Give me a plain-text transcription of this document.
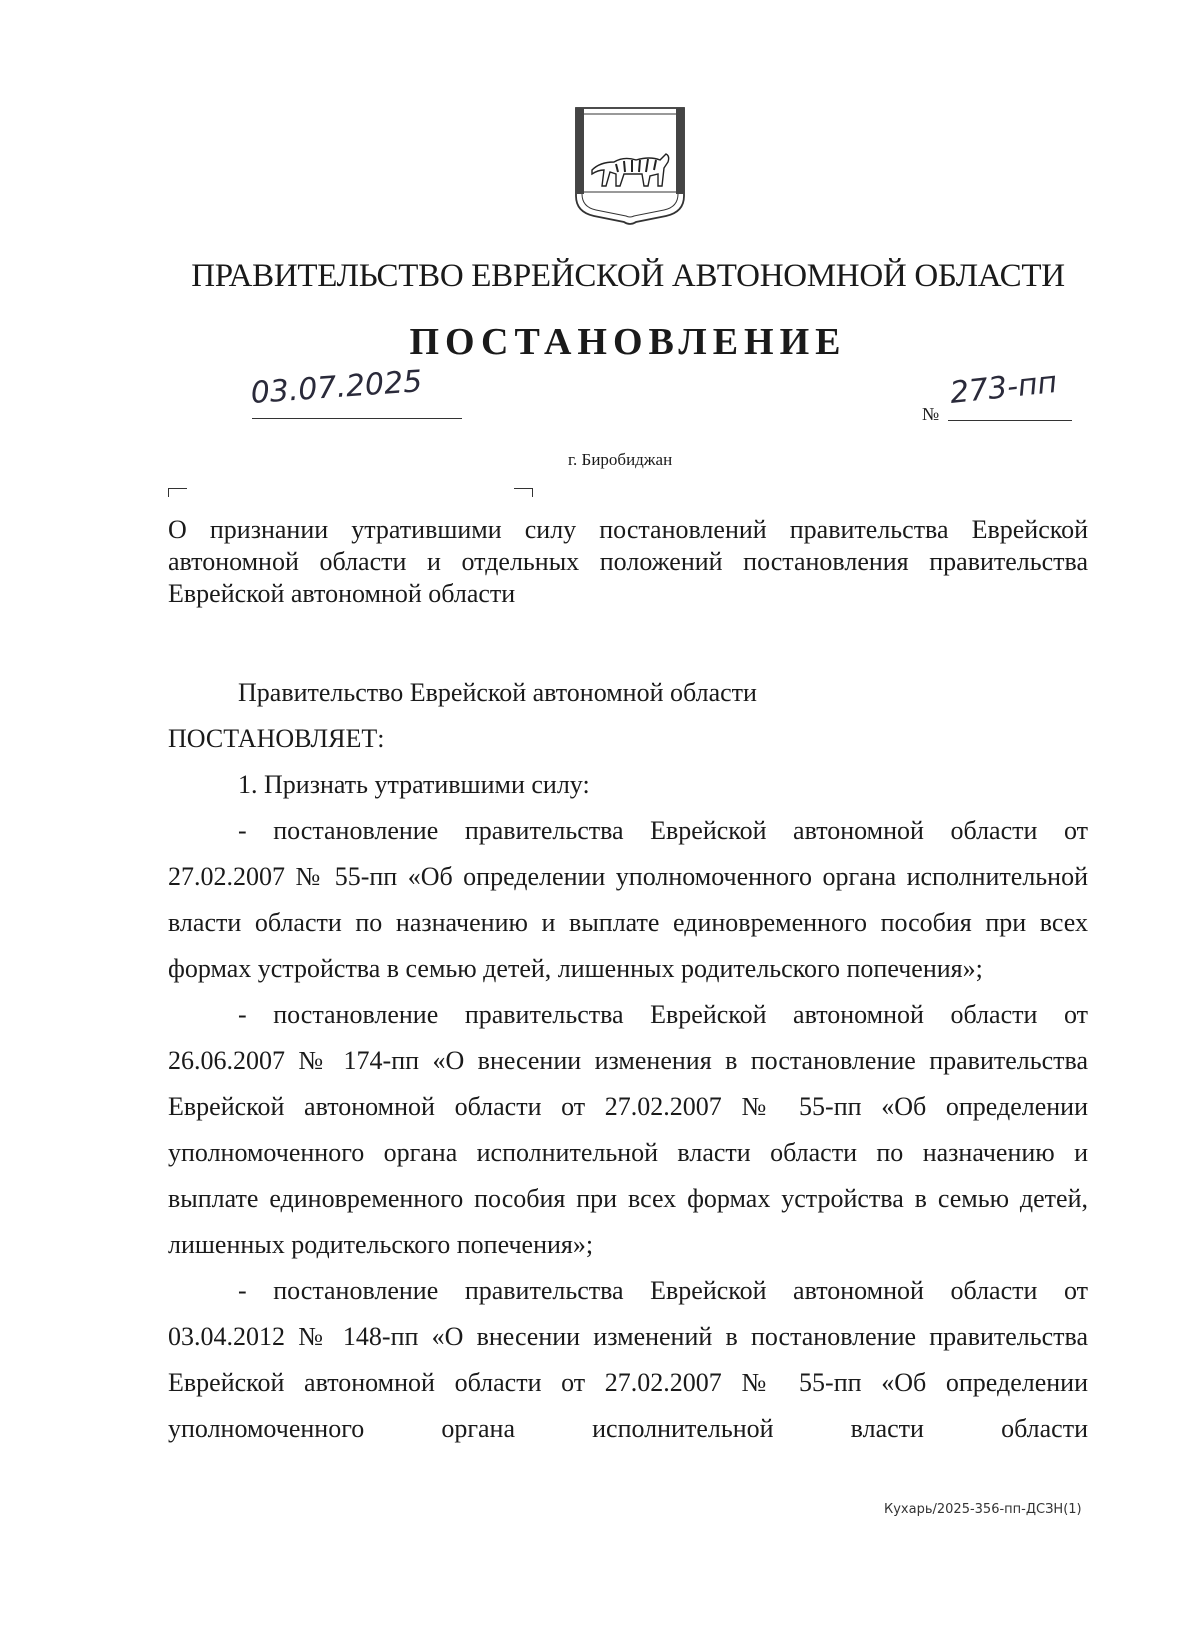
ПРАВИТЕЛЬСТВО ЕВРЕЙСКОЙ АВТОНОМНОЙ ОБЛАСТИ
ПОСТАНОВЛЕНИЕ
03.07.2025
№
273-пп
г. Биробиджан
О признании утратившими силу постановлений правительства Еврейской автономной области и отдельных положений постановления правительства Еврейской автономной области

Правительство Еврейской автономной области

ПОСТАНОВЛЯЕТ:

1. Признать утратившими силу:

- постановление правительства Еврейской автономной области от 27.02.2007 № 55-пп «Об определении уполномоченного органа исполнительной власти области по назначению и выплате единовременного пособия при всех формах устройства в семью детей, лишенных родительского попечения»;

- постановление правительства Еврейской автономной области от 26.06.2007 № 174-пп «О внесении изменения в постановление правительства Еврейской автономной области от 27.02.2007 № 55-пп «Об определении уполномоченного органа исполнительной власти области по назначению и выплате единовременного пособия при всех формах устройства в семью детей, лишенных родительского попечения»;

- постановление правительства Еврейской автономной области от 03.04.2012 № 148-пп «О внесении изменений в постановление правительства Еврейской автономной области от 27.02.2007 № 55-пп «Об определении уполномоченного органа исполнительной власти области

Кухарь/2025-356-пп-ДСЗН(1)
